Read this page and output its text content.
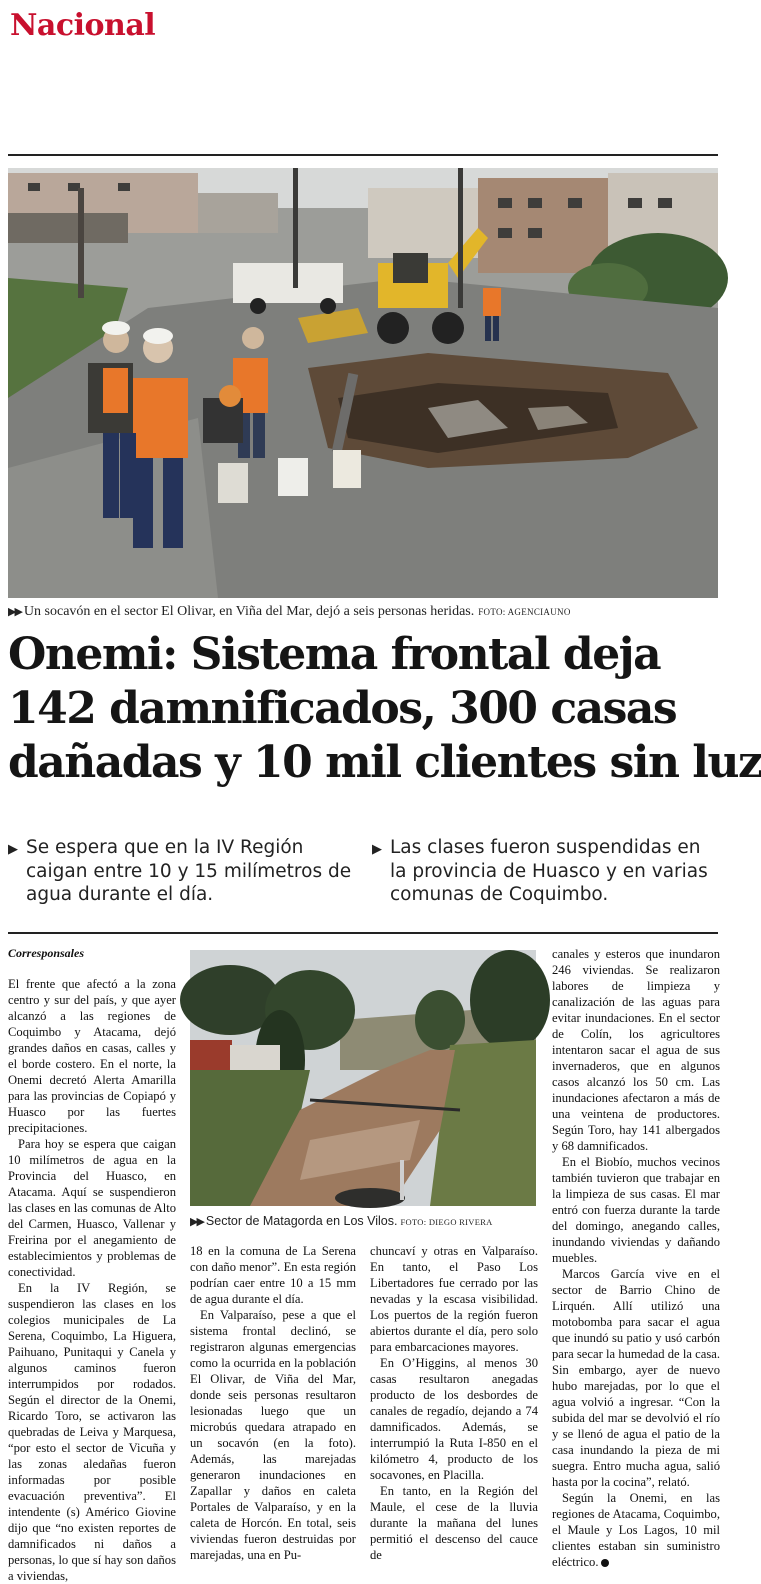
Nacional
▶▶ Un socavón en el sector El Olivar, en Viña del Mar, dejó a seis personas heridas. FOTO: AGENCIAUNO
Onemi: Sistema frontal deja
142 damnificados, 300 casas
dañadas y 10 mil clientes sin luz
▶ Se espera que en la IV Región caigan entre 10 y 15 milímetros de agua durante el día.
▶ Las clases fueron suspendidas en la provincia de Huasco y en varias comunas de Coquimbo.
Corresponsales

El frente que afectó a la zona centro y sur del país, y que ayer alcanzó a las regiones de Coquimbo y Atacama, dejó grandes daños en casas, calles y el borde costero. En el norte, la Onemi decretó Alerta Amarilla para las provincias de Copiapó y Huasco por las fuertes precipitaciones.

Para hoy se espera que caigan 10 milímetros de agua en la Provincia del Huasco, en Atacama. Aquí se suspendieron las clases en las comunas de Alto del Carmen, Huasco, Vallenar y Freirina por el anegamiento de establecimientos y problemas de conectividad.

En la IV Región, se suspendieron las clases en los colegios municipales de La Serena, Coquimbo, La Higuera, Paihuano, Punitaqui y Canela y algunos caminos fueron interrumpidos por rodados. Según el director de la Onemi, Ricardo Toro, se activaron las quebradas de Leiva y Marquesa, “por esto el sector de Vicuña y las zonas aledañas fueron informadas por posible evacuación preventiva”. El intendente (s) Américo Giovine dijo que “no existen reportes de damnificados ni daños a personas, lo que sí hay son daños a viviendas,

▶▶ Sector de Matagorda en Los Vilos. FOTO: DIEGO RIVERA

18 en la comuna de La Serena con daño menor”. En esta región podrían caer entre 10 a 15 mm de agua durante el día.

En Valparaíso, pese a que el sistema frontal declinó, se registraron algunas emergencias como la ocurrida en la población El Olivar, de Viña del Mar, donde seis personas resultaron lesionadas luego que un microbús quedara atrapado en un socavón (en la foto). Además, las marejadas generaron inundaciones en Zapallar y daños en caleta Portales de Valparaíso, y en la caleta de Horcón. En total, seis viviendas fueron destruidas por marejadas, una en Pu-

chuncaví y otras en Valparaíso. En tanto, el Paso Los Libertadores fue cerrado por las nevadas y la escasa visibilidad. Los puertos de la región fueron abiertos durante el día, pero solo para embarcaciones mayores.

En O’Higgins, al menos 30 casas resultaron anegadas producto de los desbordes de canales de regadío, dejando a 74 damnificados. Además, se interrumpió la Ruta I-850 en el kilómetro 4, producto de los socavones, en Placilla.

En tanto, en la Región del Maule, el cese de la lluvia durante la mañana del lunes permitió el descenso del cauce de

canales y esteros que inundaron 246 viviendas. Se realizaron labores de limpieza y canalización de las aguas para evitar inundaciones. En el sector de Colín, los agricultores intentaron sacar el agua de sus invernaderos, que en algunos casos alcanzó los 50 cm. Las inundaciones afectaron a más de una veintena de productores. Según Toro, hay 141 albergados y 68 damnificados.

En el Biobío, muchos vecinos también tuvieron que trabajar en la limpieza de sus casas. El mar entró con fuerza durante la tarde del domingo, anegando calles, inundando viviendas y dañando muebles.

Marcos García vive en el sector de Barrio Chino de Lirquén. Allí utilizó una motobomba para sacar el agua que inundó su patio y usó carbón para secar la humedad de la casa. Sin embargo, ayer de nuevo hubo marejadas, por lo que el agua volvió a ingresar. “Con la subida del mar se devolvió el río y se llenó de agua el patio de la casa inundando la pieza de mi suegra. Entro mucha agua, salió hasta por la cocina”, relató.

Según la Onemi, en las regiones de Atacama, Coquimbo, el Maule y Los Lagos, 10 mil clientes estaban sin suministro eléctrico.
